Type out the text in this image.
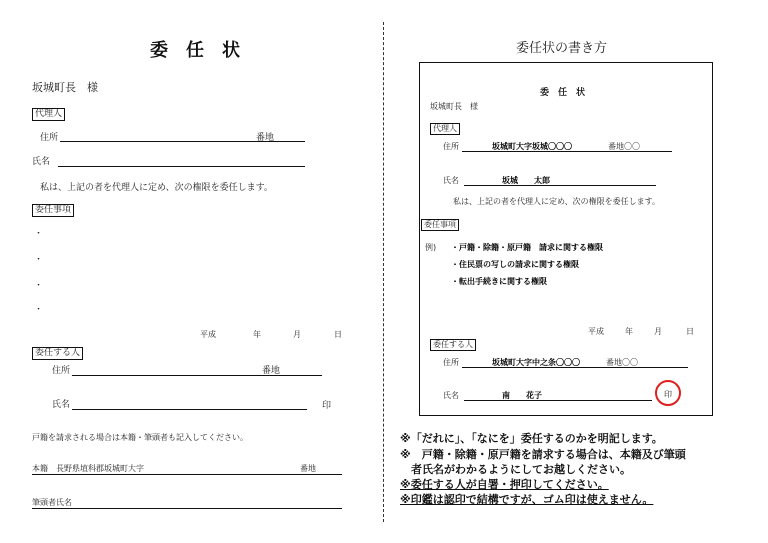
委　任　状
坂城町長　様
代理人
住所	番地
氏名
私は、上記の者を代理人に定め、次の権限を委任します。
委任事項
・
・
・
・
平成	年	月	日
委任する人
住所	番地
氏名	印
戸籍を請求される場合は本籍・筆頭者も記入してください。
本籍　長野県埴科郡坂城町大字	番地
筆頭者氏名
委任状の書き方
委　任　状
坂城町長　様
代理人
住所	坂城町大字坂城〇〇〇	番地〇〇
氏名	坂城　　太郎
私は、上記の者を代理人に定め、次の権限を委任します。
委任事項
例) ・戸籍・除籍・原戸籍　請求に関する権限
・住民票の写しの請求に関する権限
・転出手続きに関する権限
平成	年	月	日
委任する人
住所	坂城町大字中之条〇〇〇	番地〇〇
氏名	南　　花子	印
※「だれに」、「なにを」委任するのかを明記します。
※　戸籍・除籍・原戸籍を請求する場合は、本籍及び筆頭
　者氏名がわかるようにしてお越しください。
※委任する人が自署・押印してください。
※印鑑は認印で結構ですが、ゴム印は使えません。
